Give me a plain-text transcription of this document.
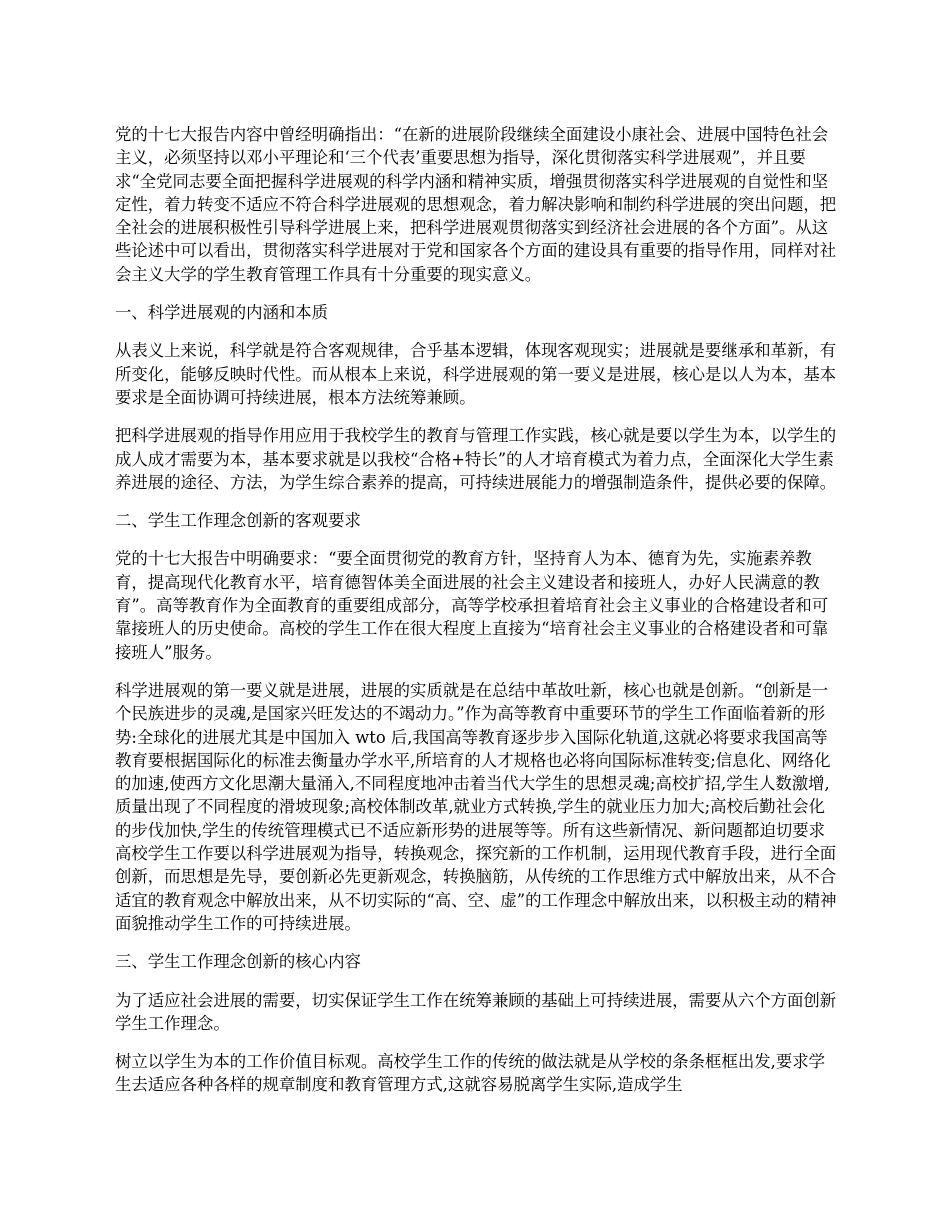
党的十七大报告内容中曾经明确指出：“在新的进展阶段继续全面建设小康社会、进展中国特色社会主义，必须坚持以邓小平理论和‘三个代表’重要思想为指导，深化贯彻落实科学进展观”，并且要求“全党同志要全面把握科学进展观的科学内涵和精神实质，增强贯彻落实科学进展观的自觉性和坚定性，着力转变不适应不符合科学进展观的思想观念，着力解决影响和制约科学进展的突出问题，把全社会的进展积极性引导科学进展上来，把科学进展观贯彻落实到经济社会进展的各个方面”。从这些论述中可以看出，贯彻落实科学进展对于党和国家各个方面的建设具有重要的指导作用，同样对社会主义大学的学生教育管理工作具有十分重要的现实意义。

一、科学进展观的内涵和本质

从表义上来说，科学就是符合客观规律，合乎基本逻辑，体现客观现实；进展就是要继承和革新，有所变化，能够反映时代性。而从根本上来说，科学进展观的第一要义是进展，核心是以人为本，基本要求是全面协调可持续进展，根本方法统筹兼顾。

把科学进展观的指导作用应用于我校学生的教育与管理工作实践，核心就是要以学生为本，以学生的成人成才需要为本，基本要求就是以我校“合格+特长”的人才培育模式为着力点，全面深化大学生素养进展的途径、方法，为学生综合素养的提高，可持续进展能力的增强制造条件，提供必要的保障。

二、学生工作理念创新的客观要求

党的十七大报告中明确要求：“要全面贯彻党的教育方针，坚持育人为本、德育为先，实施素养教育，提高现代化教育水平，培育德智体美全面进展的社会主义建设者和接班人，办好人民满意的教育”。高等教育作为全面教育的重要组成部分，高等学校承担着培育社会主义事业的合格建设者和可靠接班人的历史使命。高校的学生工作在很大程度上直接为“培育社会主义事业的合格建设者和可靠接班人”服务。

科学进展观的第一要义就是进展，进展的实质就是在总结中革故吐新，核心也就是创新。“创新是一个民族进步的灵魂,是国家兴旺发达的不竭动力。”作为高等教育中重要环节的学生工作面临着新的形势:全球化的进展尤其是中国加入 wto 后,我国高等教育逐步步入国际化轨道,这就必将要求我国高等教育要根据国际化的标准去衡量办学水平,所培育的人才规格也必将向国际标准转变;信息化、网络化的加速,使西方文化思潮大量涌入,不同程度地冲击着当代大学生的思想灵魂;高校扩招,学生人数激增,质量出现了不同程度的滑坡现象;高校体制改革,就业方式转换,学生的就业压力加大;高校后勤社会化的步伐加快,学生的传统管理模式已不适应新形势的进展等等。所有这些新情况、新问题都迫切要求高校学生工作要以科学进展观为指导，转换观念，探究新的工作机制，运用现代教育手段，进行全面创新，而思想是先导，要创新必先更新观念，转换脑筋，从传统的工作思维方式中解放出来，从不合适宜的教育观念中解放出来，从不切实际的“高、空、虚”的工作理念中解放出来，以积极主动的精神面貌推动学生工作的可持续进展。

三、学生工作理念创新的核心内容

为了适应社会进展的需要，切实保证学生工作在统筹兼顾的基础上可持续进展，需要从六个方面创新学生工作理念。

树立以学生为本的工作价值目标观。高校学生工作的传统的做法就是从学校的条条框框出发,要求学生去适应各种各样的规章制度和教育管理方式,这就容易脱离学生实际,造成学生
